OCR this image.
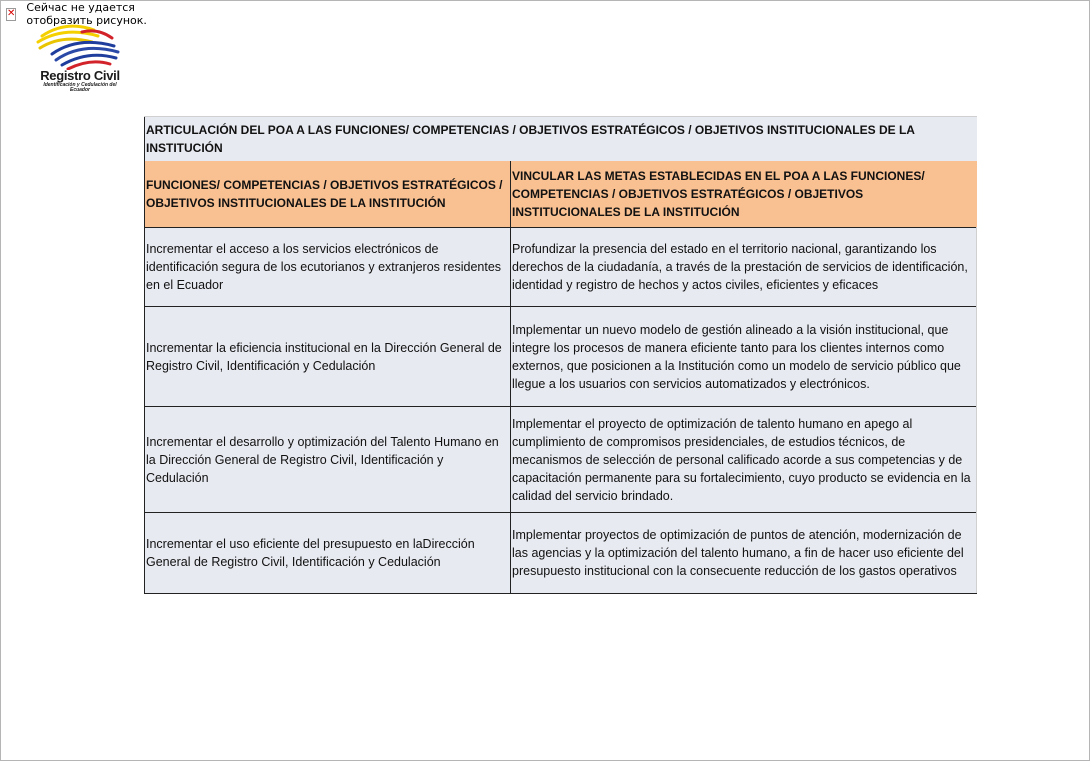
✕ Сейчас не удается отобразить рисунок.
Registro Civil
Identificación y Cedulación del Ecuador
ARTICULACIÓN DEL POA A LAS FUNCIONES/ COMPETENCIAS / OBJETIVOS ESTRATÉGICOS / OBJETIVOS INSTITUCIONALES DE LA INSTITUCIÓN	
FUNCIONES/ COMPETENCIAS / OBJETIVOS ESTRATÉGICOS / OBJETIVOS INSTITUCIONALES DE LA INSTITUCIÓN	VINCULAR LAS METAS ESTABLECIDAS EN EL POA A LAS FUNCIONES/ COMPETENCIAS / OBJETIVOS ESTRATÉGICOS / OBJETIVOS INSTITUCIONALES DE LA INSTITUCIÓN
Incrementar el acceso a los servicios electrónicos de identificación segura de los ecutorianos y extranjeros residentes en el Ecuador	Profundizar la presencia del estado en el territorio nacional, garantizando los derechos de la ciudadanía, a través de la prestación de servicios de identificación, identidad y registro de hechos y actos civiles, eficientes y eficaces
Incrementar la eficiencia institucional en la Dirección General de Registro Civil, Identificación y Cedulación	Implementar un nuevo modelo de gestión alineado a la visión institucional, que integre los procesos de manera eficiente tanto para los clientes internos como externos, que posicionen a la Institución como un modelo de servicio público que llegue a los usuarios con servicios automatizados y electrónicos.
Incrementar el desarrollo y optimización del Talento Humano en la Dirección General de Registro Civil, Identificación y Cedulación	Implementar el proyecto de optimización de talento humano en apego al cumplimiento de compromisos presidenciales, de estudios técnicos, de mecanismos de selección de personal calificado acorde a sus competencias y de capacitación permanente para su fortalecimiento, cuyo producto se evidencia en la calidad del servicio brindado.
Incrementar el uso eficiente del presupuesto en laDirección General de Registro Civil, Identificación y Cedulación	Implementar proyectos de optimización de puntos de atención, modernización de las agencias y la optimización del talento humano, a fin de hacer uso eficiente del presupuesto institucional con la consecuente reducción de los gastos operativos
